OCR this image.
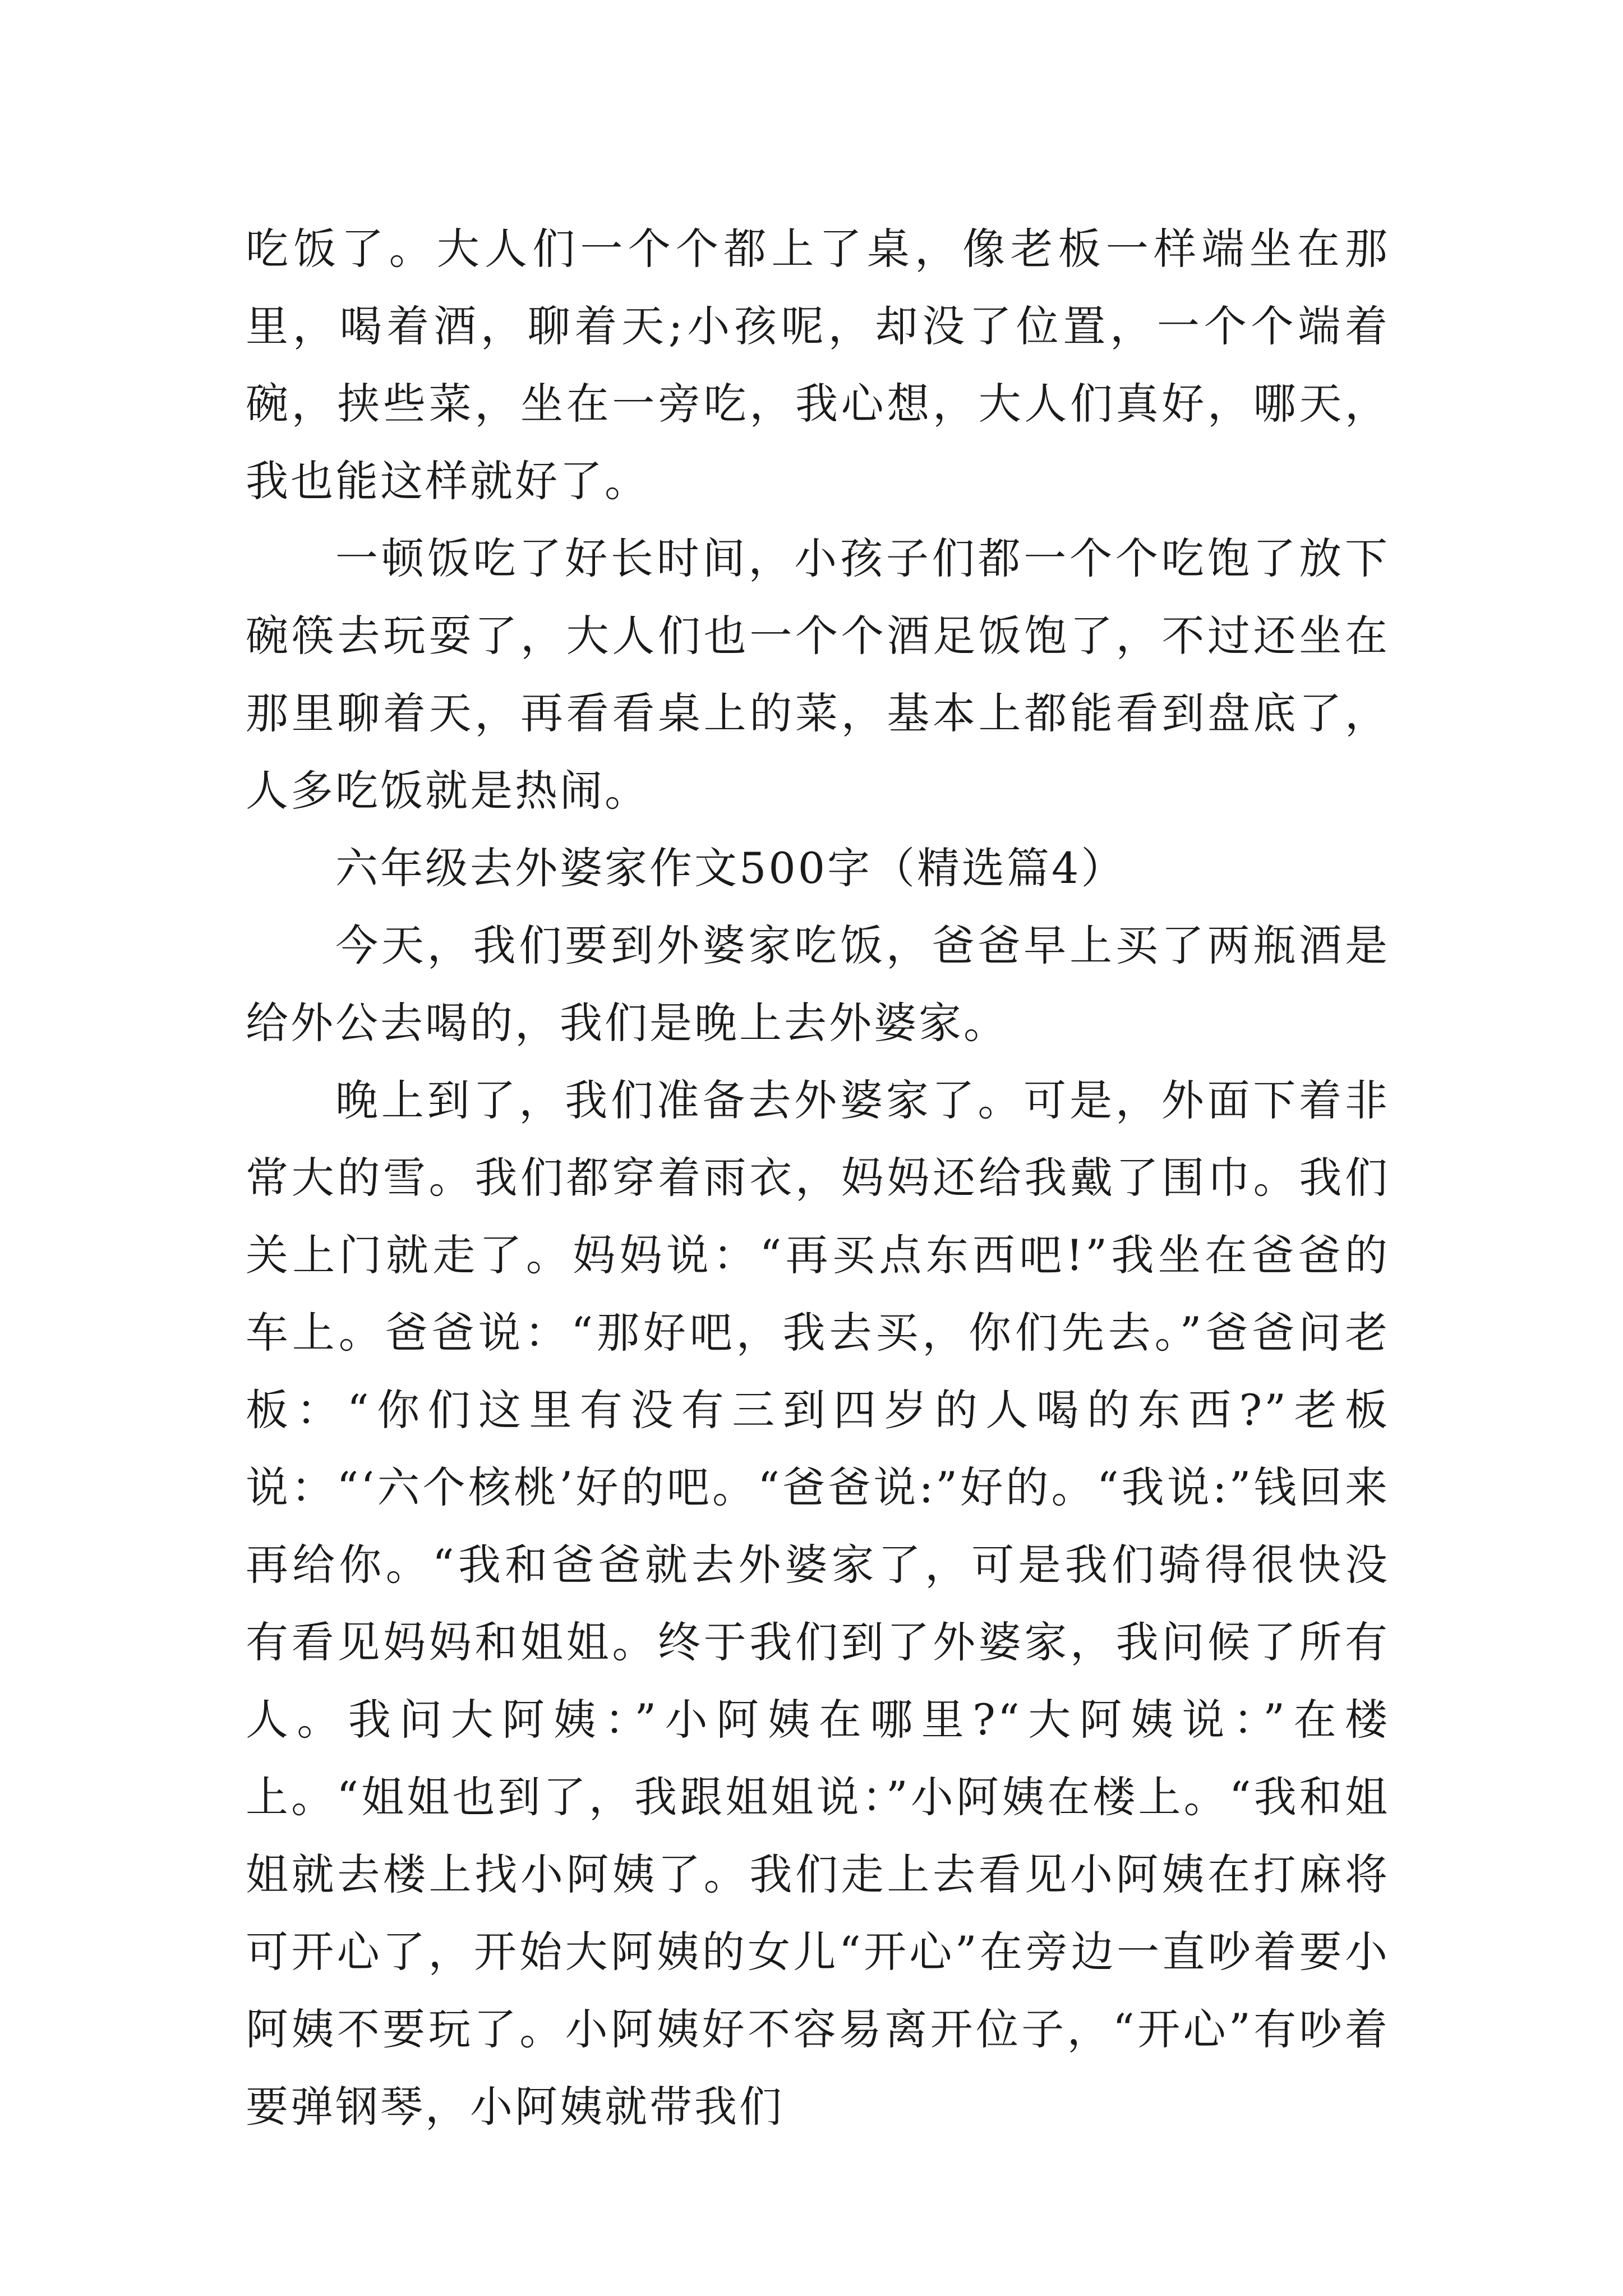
吃饭了。大人们一个个都上了桌，像老板一样端坐在那里，喝着酒，聊着天;小孩呢，却没了位置，一个个端着碗，挟些菜，坐在一旁吃，我心想，大人们真好，哪天，我也能这样就好了。

一顿饭吃了好长时间，小孩子们都一个个吃饱了放下碗筷去玩耍了，大人们也一个个酒足饭饱了，不过还坐在那里聊着天，再看看桌上的菜，基本上都能看到盘底了，人多吃饭就是热闹。

六年级去外婆家作文500字（精选篇4）

今天，我们要到外婆家吃饭，爸爸早上买了两瓶酒是给外公去喝的，我们是晚上去外婆家。

晚上到了，我们准备去外婆家了。可是，外面下着非常大的雪。我们都穿着雨衣，妈妈还给我戴了围巾。我们关上门就走了。妈妈说：“再买点东西吧!”我坐在爸爸的车上。爸爸说：“那好吧，我去买，你们先去。”爸爸问老板：“你们这里有没有三到四岁的人喝的东西?”老板说：“‘六个核桃’好的吧。“爸爸说:”好的。“我说:”钱回来再给你。“我和爸爸就去外婆家了，可是我们骑得很快没有看见妈妈和姐姐。终于我们到了外婆家，我问候了所有人。我问大阿姨：”小阿姨在哪里?“大阿姨说：”在楼上。“姐姐也到了，我跟姐姐说：”小阿姨在楼上。“我和姐姐就去楼上找小阿姨了。我们走上去看见小阿姨在打麻将可开心了，开始大阿姨的女儿“开心”在旁边一直吵着要小阿姨不要玩了。小阿姨好不容易离开位子，“开心”有吵着要弹钢琴，小阿姨就带我们
